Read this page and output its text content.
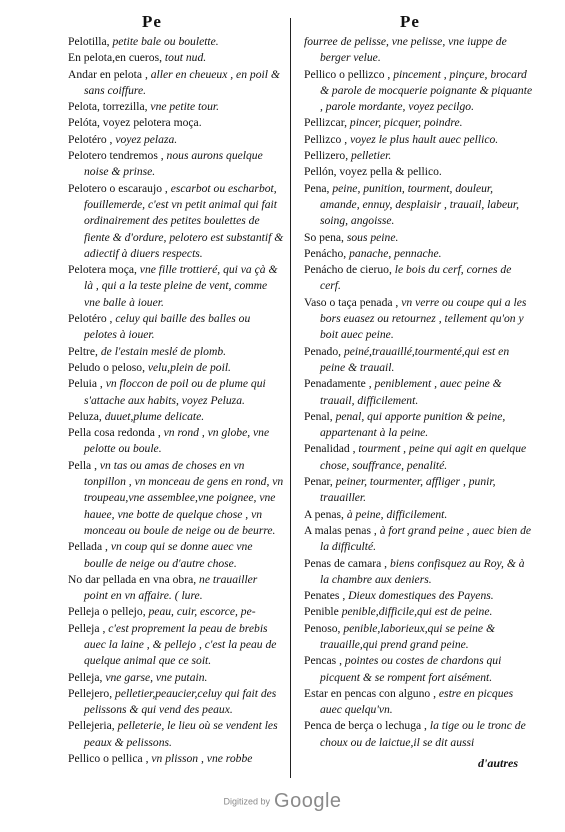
Pe	Pe

Pelotilla, petite bale ou boulette.

En pelota,en cueros, tout nud.

Andar en pelota , aller en cheueux , en poil & sans coiffure.

Pelota, torrezilla, vne petite tour.

Pelóta, voyez pelotera moça.

Pelotéro , voyez pelaza.

Pelotero tendremos , nous aurons quelque noise & prinse.

Pelotero o escaraujo , escarbot ou escharbot, fouillemerde, c'est vn petit animal qui fait ordinairement des petites boulettes de fiente & d'ordure, pelotero est substantif & adiectif à diuers respects.

Pelotera moça, vne fille trottieré, qui va çà & là , qui a la teste pleine de vent, comme vne balle à iouer.

Pelotéro , celuy qui baille des balles ou pelotes à iouer.

Peltre, de l'estain meslé de plomb.

Peludo o peloso, velu,plein de poil.

Peluia , vn floccon de poil ou de plume qui s'attache aux habits, voyez Peluza.

Peluza, duuet,plume delicate.

Pella cosa redonda , vn rond , vn globe, vne pelotte ou boule.

Pella , vn tas ou amas de choses en vn tonpillon , vn monceau de gens en rond, vn troupeau,vne assemblee,vne poignee, vne hauee, vne botte de quelque chose , vn monceau ou boule de neige ou de beurre.

Pellada , vn coup qui se donne auec vne boulle de neige ou d'autre chose.

No dar pellada en vna obra, ne trauailler point en vn affaire. ( lure.

Pelleja o pellejo, peau, cuir, escorce, pe-

Pelleja , c'est proprement la peau de brebis auec la laine , & pellejo , c'est la peau de quelque animal que ce soit.

Pelleja, vne garse, vne putain.

Pellejero, pelletier,peaucier,celuy qui fait des pelissons & qui vend des peaux.

Pellejeria, pelleterie, le lieu où se vendent les peaux & pelissons.

Pellico o pellica , vn plisson , vne robbe

fourree de pelisse, vne pelisse, vne iuppe de berger velue.

Pellico o pellizco , pincement , pinçure, brocard & parole de mocquerie poignante & piquante , parole mordante, voyez pecilgo.

Pellizcar, pincer, picquer, poindre.

Pellizco , voyez le plus hault auec pellico.

Pellizero, pelletier.

Pellón, voyez pella & pellico.

Pena, peine, punition, tourment, douleur, amande, ennuy, desplaisir , trauail, labeur, soing, angoisse.

So pena, sous peine.

Penácho, panache, pennache.

Penácho de cieruo, le bois du cerf, cornes de cerf.

Vaso o taça penada , vn verre ou coupe qui a les bors euasez ou retournez , tellement qu'on y boit auec peine.

Penado, peiné,trauaillé,tourmenté,qui est en peine & trauail.

Penadamente , peniblement , auec peine & trauail, difficilement.

Penal, penal, qui apporte punition & peine, appartenant à la peine.

Penalidad , tourment , peine qui agit en quelque chose, souffrance, penalité.

Penar, peiner, tourmenter, affliger , punir, trauailler.

A penas, à peine, difficilement.

A malas penas , à fort grand peine , auec bien de la difficulté.

Penas de camara , biens confisquez au Roy, & à la chambre aux deniers.

Penates , Dieux domestiques des Payens.

Penible penible,difficile,qui est de peine.

Penoso, penible,laborieux,qui se peine & trauaille,qui prend grand peine.

Pencas , pointes ou costes de chardons qui picquent & se rompent fort aisément.

Estar en pencas con alguno , estre en picques auec quelqu'vn.

Penca de berça o lechuga , la tige ou le tronc de choux ou de laictue,il se dit aussi

d'autres
Digitized by Google
